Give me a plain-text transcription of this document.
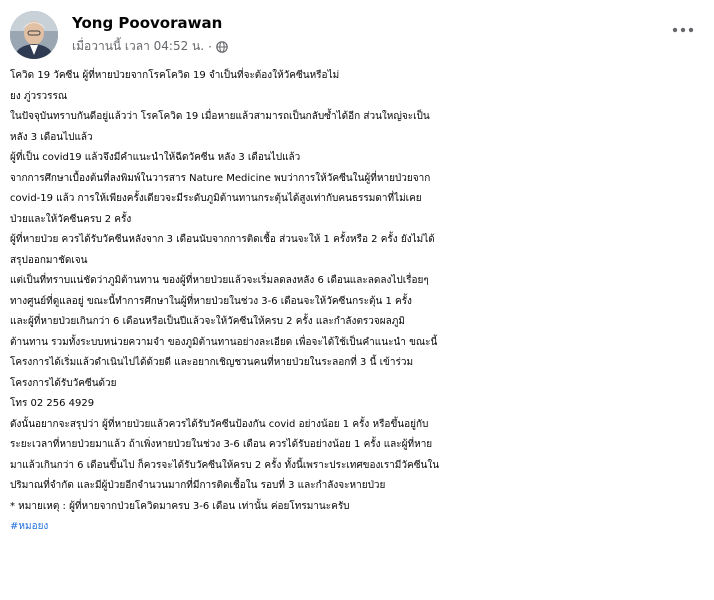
Yong Poovorawan
เมื่อวานนี้ เวลา 04:52 น. ·
โควิด 19 วัคซีน ผู้ที่หายป่วยจากโรคโควิด 19 จำเป็นที่จะต้องให้วัคซีนหรือไม่
ยง ภู่วรวรรณ
ในปัจจุบันทราบกันดีอยู่แล้วว่า โรคโควิด 19 เมื่อหายแล้วสามารถเป็นกลับซ้ำได้อีก ส่วนใหญ่จะเป็น
หลัง 3 เดือนไปแล้ว
ผู้ที่เป็น covid19 แล้วจึงมีคำแนะนำให้ฉีดวัคซีน หลัง 3 เดือนไปแล้ว
จากการศึกษาเบื้องต้นที่ลงพิมพ์ในวารสาร Nature Medicine พบว่าการให้วัคซีนในผู้ที่หายป่วยจาก
covid-19 แล้ว การให้เพียงครั้งเดียวจะมีระดับภูมิต้านทานกระตุ้นได้สูงเท่ากับคนธรรมดาที่ไม่เคย
ป่วยและให้วัคซีนครบ 2 ครั้ง
ผู้ที่หายป่วย ควรได้รับวัคซีนหลังจาก 3 เดือนนับจากการติดเชื้อ ส่วนจะให้ 1 ครั้งหรือ 2 ครั้ง ยังไม่ได้
สรุปออกมาชัดเจน
แต่เป็นที่ทราบแน่ชัดว่าภูมิต้านทาน ของผู้ที่หายป่วยแล้วจะเริ่มลดลงหลัง 6 เดือนและลดลงไปเรื่อยๆ
ทางศูนย์ที่ดูแลอยู่ ขณะนี้ทำการศึกษาในผู้ที่หายป่วยในช่วง 3-6 เดือนจะให้วัคซีนกระตุ้น 1 ครั้ง
และผู้ที่หายป่วยเกินกว่า 6 เดือนหรือเป็นปีแล้วจะให้วัคซีนให้ครบ 2 ครั้ง และกำลังตรวจผลภูมิ
ต้านทาน รวมทั้งระบบหน่วยความจำ ของภูมิต้านทานอย่างละเอียด เพื่อจะได้ใช้เป็นคำแนะนำ ขณะนี้
โครงการได้เริ่มแล้วดำเนินไปได้ด้วยดี และอยากเชิญชวนคนที่หายป่วยในระลอกที่ 3 นี้ เข้าร่วม
โครงการได้รับวัคซีนด้วย
โทร 02 256 4929
ดังนั้นอยากจะสรุปว่า ผู้ที่หายป่วยแล้วควรได้รับวัคซีนป้องกัน covid อย่างน้อย 1 ครั้ง หรือขึ้นอยู่กับ
ระยะเวลาที่หายป่วยมาแล้ว ถ้าเพิ่งหายป่วยในช่วง 3-6 เดือน ควรได้รับอย่างน้อย 1 ครั้ง และผู้ที่หาย
มาแล้วเกินกว่า 6 เดือนขึ้นไป ก็ควรจะได้รับวัคซีนให้ครบ 2 ครั้ง ทั้งนี้เพราะประเทศของเรามีวัคซีนใน
ปริมาณที่จำกัด และมีผู้ป่วยอีกจำนวนมากที่มีการติดเชื้อใน รอบที่ 3 และกำลังจะหายป่วย
* หมายเหตุ : ผู้ที่หายจากป่วยโควิดมาครบ 3-6 เดือน เท่านั้น ค่อยโทรมานะครับ
#หมอยง
